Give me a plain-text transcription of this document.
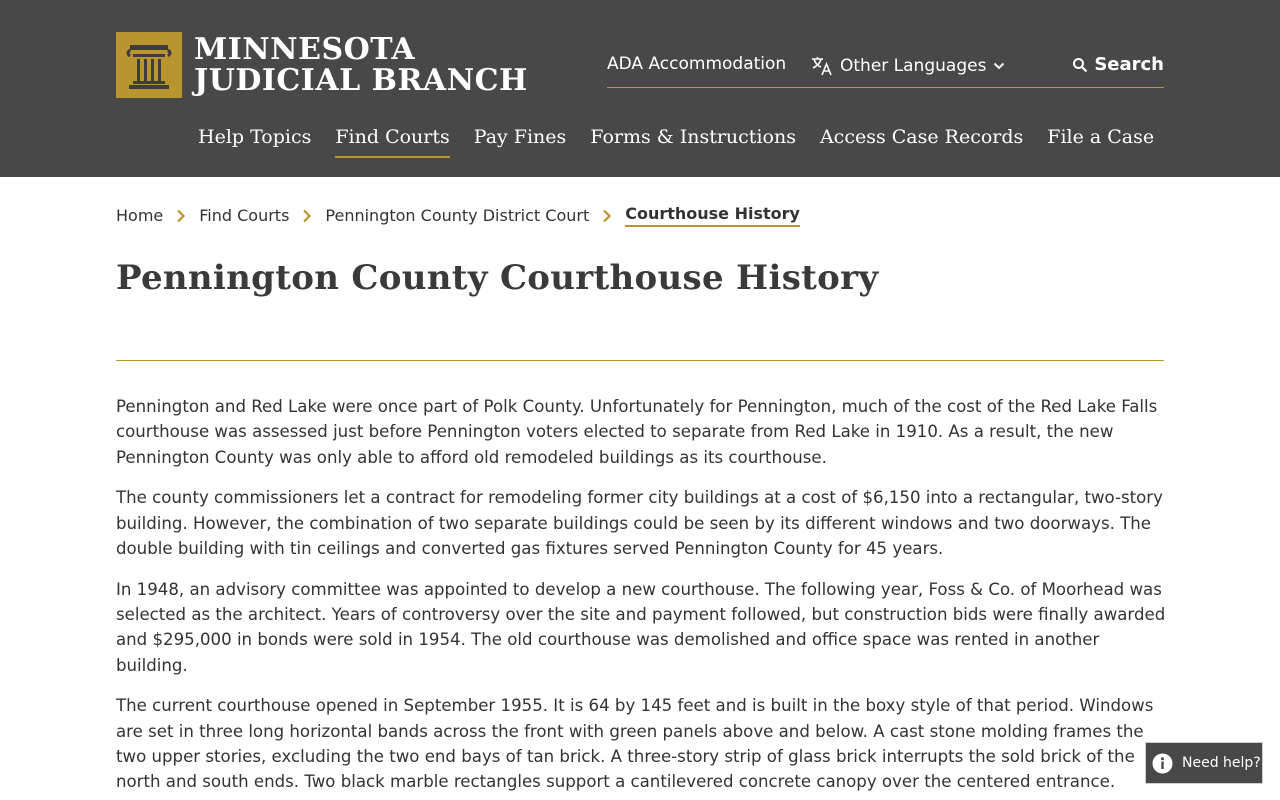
MINNESOTA
JUDICIAL BRANCH	ADA Accommodation	Other Languages	Search
Help Topics Find Courts Pay Fines Forms & Instructions Access Case Records File a Case
Home Find Courts Pennington County District Court Courthouse History
Pennington County Courthouse History

Pennington and Red Lake were once part of Polk County. Unfortunately for Pennington, much of the cost of the Red Lake Falls courthouse was assessed just before Pennington voters elected to separate from Red Lake in 1910. As a result, the new Pennington County was only able to afford old remodeled buildings as its courthouse.

The county commissioners let a contract for remodeling former city buildings at a cost of $6,150 into a rectangular, two-story building. However, the combination of two separate buildings could be seen by its different windows and two doorways. The double building with tin ceilings and converted gas fixtures served Pennington County for 45 years.

In 1948, an advisory committee was appointed to develop a new courthouse. The following year, Foss & Co. of Moorhead was selected as the architect. Years of controversy over the site and payment followed, but construction bids were finally awarded and $295,000 in bonds were sold in 1954. The old courthouse was demolished and office space was rented in another building.

The current courthouse opened in September 1955. It is 64 by 145 feet and is built in the boxy style of that period. Windows are set in three long horizontal bands across the front with green panels above and below. A cast stone molding frames the two upper stories, excluding the two end bays of tan brick. A three-story strip of glass brick interrupts the sold brick of the north and south ends. Two black marble rectangles support a cantilevered concrete canopy over the centered entrance.

Need help?
